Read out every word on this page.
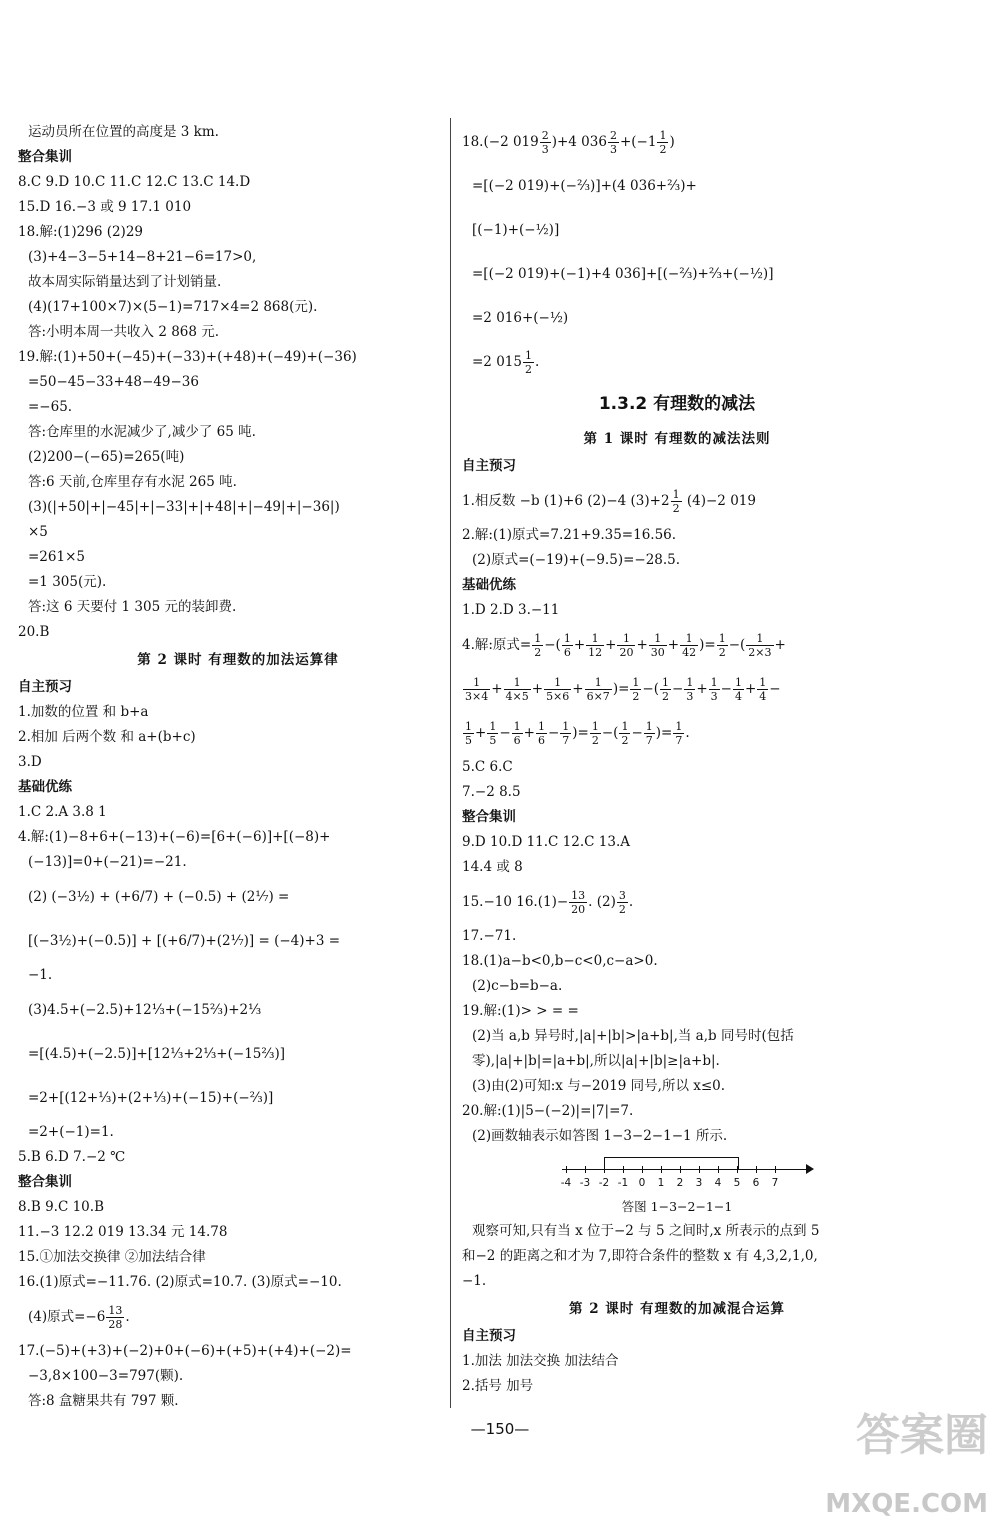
运动员所在位置的高度是 3 km.
整合集训
8.C 9.D 10.C 11.C 12.C 13.C 14.D
15.D 16.−3 或 9 17.1 010
18.解:(1)296 (2)29
(3)+4−3−5+14−8+21−6=17>0,
故本周实际销量达到了计划销量.
(4)(17+100×7)×(5−1)=717×4=2 868(元).
答:小明本周一共收入 2 868 元.
19.解:(1)+50+(−45)+(−33)+(+48)+(−49)+(−36)
=50−45−33+48−49−36
=−65.
答:仓库里的水泥减少了,减少了 65 吨.
(2)200−(−65)=265(吨)
答:6 天前,仓库里存有水泥 265 吨.
(3)(|+50|+|−45|+|−33|+|+48|+|−49|+|−36|)
×5
=261×5
=1 305(元).
答:这 6 天要付 1 305 元的装卸费.
20.B
第 2 课时 有理数的加法运算律
自主预习
1.加数的位置 和 b+a
2.相加 后两个数 和 a+(b+c)
3.D
基础优练
1.C 2.A 3.8 1
4.解:(1)−8+6+(−13)+(−6)=[6+(−6)]+[(−8)+
(−13)]=0+(−21)=−21.
(2) (−3½) + (+6/7) + (−0.5) + (2⅐) =
[(−3½)+(−0.5)] + [(+6/7)+(2⅐)] = (−4)+3 =
−1.
(3)4.5+(−2.5)+12⅓+(−15⅔)+2⅓
=[(4.5)+(−2.5)]+[12⅓+2⅓+(−15⅔)]
=2+[(12+⅓)+(2+⅓)+(−15)+(−⅔)]
=2+(−1)=1.
5.B 6.D 7.−2 ℃
整合集训
8.B 9.C 10.B
11.−3 12.2 019 13.34 元 14.78
15.①加法交换律 ②加法结合律
16.(1)原式=−11.76. (2)原式=10.7. (3)原式=−10.
(4)原式$=-6 \frac{13}{28}$ .
17.(−5)+(+3)+(−2)+0+(−6)+(+5)+(+4)+(−2)=
−3,8×100−3=797(颗).
答:8 盒糖果共有 797 颗.
18.(−2 $019 \frac{2}{3} )+4$ $036 \frac{2}{3} +(-1 \frac{1}{2}$ )
=[(−2 019)+(−⅔)]+(4 036+⅔)+
[(−1)+(−½)]
=[(−2 019)+(−1)+4 036]+[(−⅔)+⅔+(−½)]
=2 016+(−½)
=2 $015 \frac{1}{2}$ .
1.3.2 有理数的减法
第 1 课时 有理数的减法法则
自主预习
1.相反数 −b (1)+6 (2)−4 $(3)+2 \frac{1}{2} (4)-2$ 019
2.解:(1)原式=7.21+9.35=16.56.
(2)原式=(−19)+(−9.5)=−28.5.
基础优练
1.D 2.D 3.−11
4.解:原式= $\frac{1}{2}$ −( $\frac{1}{6} + \frac{1}{12} + \frac{1}{20} + \frac{1}{30} + \frac{1}{42}$ )= $\frac{1}{2}$ −( $\frac{1}{2\times 3}$ +
$\frac{1}{3\times 4} + \frac{1}{4\times 5} + \frac{1}{5\times 6} + \frac{1}{6\times 7}$ )= $\frac{1}{2}$ −( $\frac{1}{2} - \frac{1}{3} + \frac{1}{3} - \frac{1}{4} + \frac{1}{4}$ −
$\frac{1}{5} + \frac{1}{5} - \frac{1}{6} + \frac{1}{6} - \frac{1}{7}$ )= $\frac{1}{2}$ −( $\frac{1}{2} - \frac{1}{7}$ )= $\frac{1}{7}$ .
5.C 6.C
7.−2 8.5
整合集训
9.D 10.D 11.C 12.C 13.A
14.4 或 8
15.−10 $16.(1)- \frac{13}{20}$ . $(2) \frac{3}{2}$ .
17.−71.
18.(1)a−b<0,b−c<0,c−a>0.
(2)c−b=b−a.
19.解:(1)> > = =
(2)当 a,b 异号时,|a|+|b|>|a+b|,当 a,b 同号时(包括
零),|a|+|b|=|a+b|,所以|a|+|b|≥|a+b|.
(3)由(2)可知:x 与−2019 同号,所以 x≤0.
20.解:(1)|5−(−2)|=|7|=7.
(2)画数轴表示如答图 1−3−2−1−1 所示.
-4 -3 -2 -1 0 1 2 3 4 5 6 7
答图 1−3−2−1−1
观察可知,只有当 x 位于−2 与 5 之间时,x 所表示的点到 5
和−2 的距离之和才为 7,即符合条件的整数 x 有 4,3,2,1,0,
−1.
第 2 课时 有理数的加减混合运算
自主预习
1.加法 加法交换 加法结合
2.括号 加号
—150—	答案圈
MXQE.COM
